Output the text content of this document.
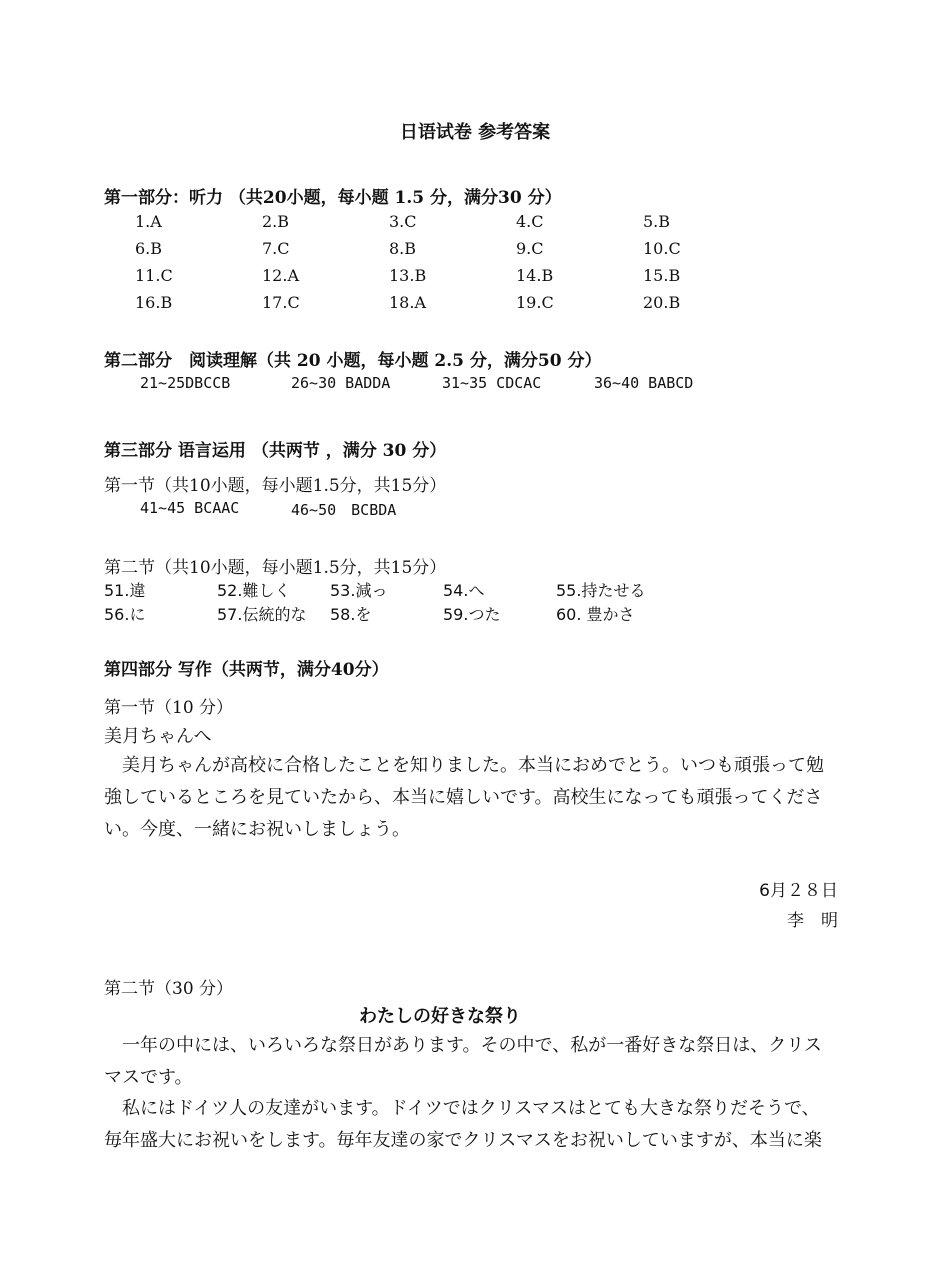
日语试卷 参考答案
第一部分：听力 （共20小题，每小题 1.5 分，满分30 分）
1.A	2.B	3.C	4.C	5.B
6.B	7.C	8.B	9.C	10.C
11.C	12.A	13.B	14.B	15.B
16.B	17.C	18.A	19.C	20.B
第二部分　阅读理解（共 20 小题，每小题 2.5 分，满分50 分）
21~25DBCCB	26~30 BADDA	31~35 CDCAC	36~40 BABCD
第三部分 语言运用 （共两节 ，满分 30 分）
第一节（共10小题，每小题1.5分，共15分）
41~45 BCAAC	46~50　BCBDA
第二节（共10小题，每小题1.5分，共15分）
51.違	52.難しく 53.減っ	54.へ	55.持たせる
56.に	57.伝統的な 58.を	59.つた	60. 豊かさ
第四部分 写作（共两节，满分40分）
第一节（10 分）
美月ちゃんへ
美月ちゃんが高校に合格したことを知りました。本当におめでとう。いつも頑張って勉強しているところを見ていたから、本当に嬉しいです。高校生になっても頑張ってください。今度、一緒にお祝いしましょう。
6月２８日
李　明
第二节（30 分）
わたしの好きな祭り
一年の中には、いろいろな祭日があります。その中で、私が一番好きな祭日は、クリスマスです。
私にはドイツ人の友達がいます。ドイツではクリスマスはとても大きな祭りだそうで、毎年盛大にお祝いをします。毎年友達の家でクリスマスをお祝いしていますが、本当に楽
